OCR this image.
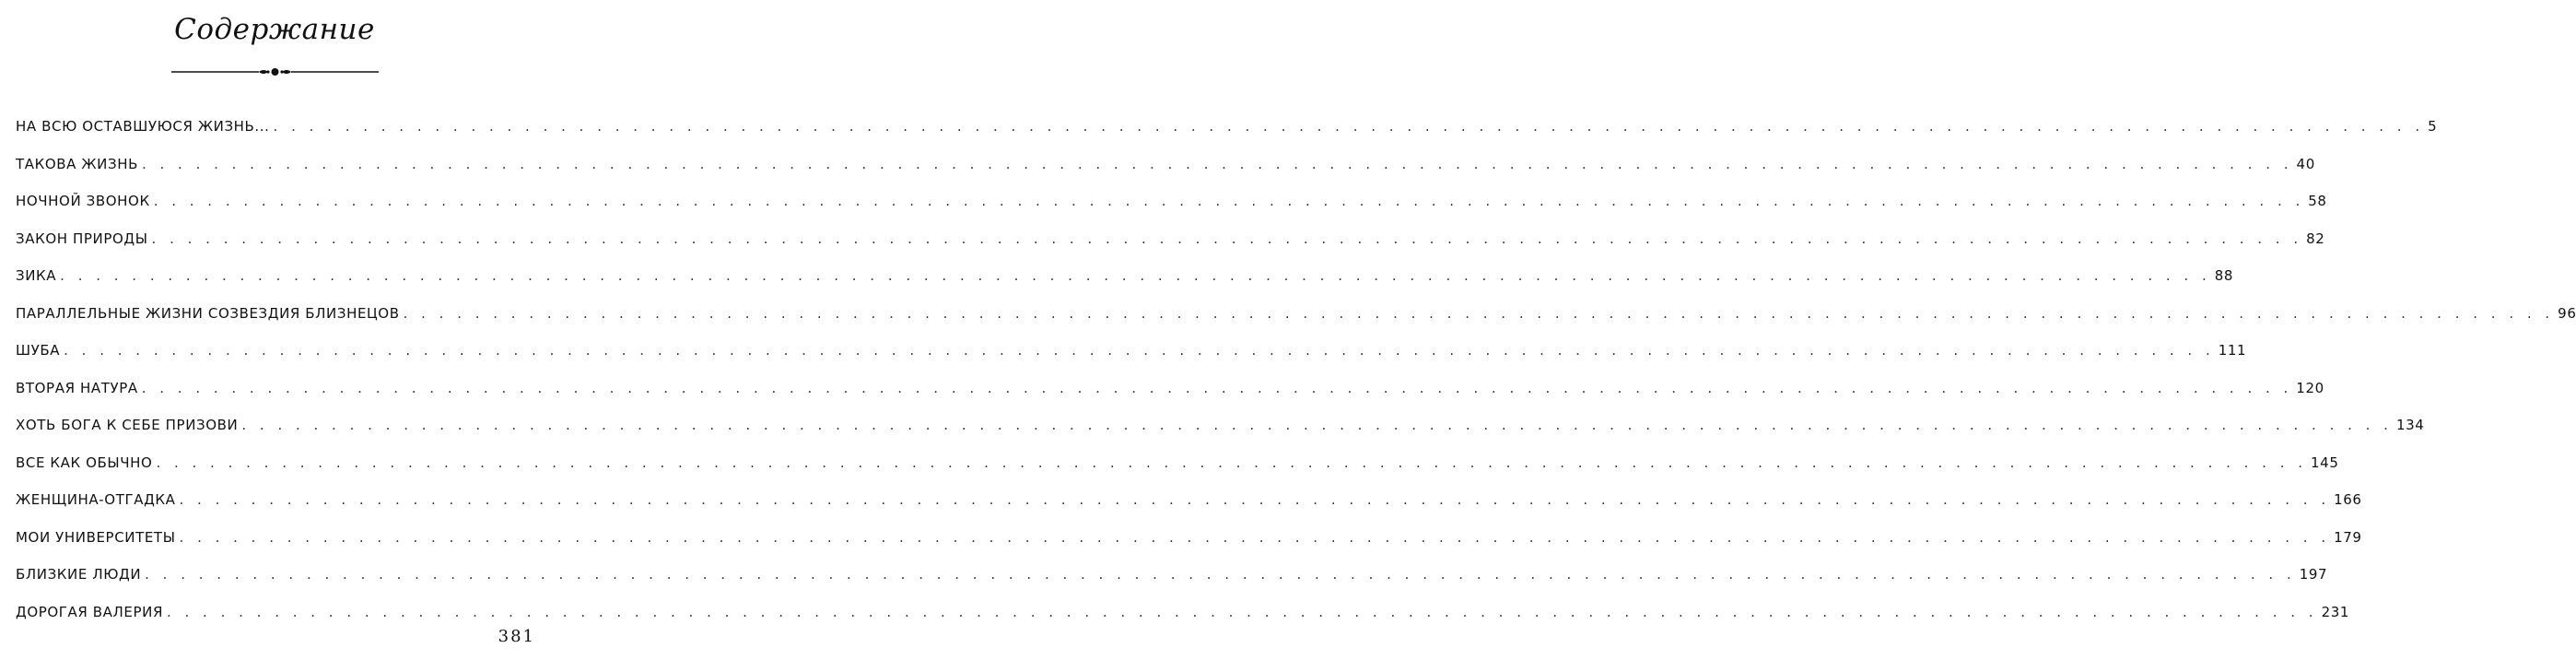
Содержание
НА ВСЮ ОСТАВШУЮСЯ ЖИЗНЬ... . . . . . . . . . . . . . . . . . . . . . . . . . . . . . . . . . . . . . . . . . . . . . . . . . . . . . . . . . . . . . . . . . . . . . . . . . . . . . . . . . . . . . . . . . . . . . . . . . . . . . . . . . . . . . . . . . . . . . . . . 5
ТАКОВА ЖИЗНЬ . . . . . . . . . . . . . . . . . . . . . . . . . . . . . . . . . . . . . . . . . . . . . . . . . . . . . . . . . . . . . . . . . . . . . . . . . . . . . . . . . . . . . . . . . . . . . . . . . . . . . . . . . . . . . . . . . . . . . . . . 40
НОЧНОЙ ЗВОНОК . . . . . . . . . . . . . . . . . . . . . . . . . . . . . . . . . . . . . . . . . . . . . . . . . . . . . . . . . . . . . . . . . . . . . . . . . . . . . . . . . . . . . . . . . . . . . . . . . . . . . . . . . . . . . . . . . . . . . . . . 58
ЗАКОН ПРИРОДЫ . . . . . . . . . . . . . . . . . . . . . . . . . . . . . . . . . . . . . . . . . . . . . . . . . . . . . . . . . . . . . . . . . . . . . . . . . . . . . . . . . . . . . . . . . . . . . . . . . . . . . . . . . . . . . . . . . . . . . . . . 82
ЗИКА . . . . . . . . . . . . . . . . . . . . . . . . . . . . . . . . . . . . . . . . . . . . . . . . . . . . . . . . . . . . . . . . . . . . . . . . . . . . . . . . . . . . . . . . . . . . . . . . . . . . . . . . . . . . . . . . . . . . . . . . 88
ПАРАЛЛЕЛЬНЫЕ ЖИЗНИ СОЗВЕЗДИЯ БЛИЗНЕЦОВ . . . . . . . . . . . . . . . . . . . . . . . . . . . . . . . . . . . . . . . . . . . . . . . . . . . . . . . . . . . . . . . . . . . . . . . . . . . . . . . . . . . . . . . . . . . . . . . . . . . . . . . . . . . . . . . . . . . . . . . . 96
ШУБА . . . . . . . . . . . . . . . . . . . . . . . . . . . . . . . . . . . . . . . . . . . . . . . . . . . . . . . . . . . . . . . . . . . . . . . . . . . . . . . . . . . . . . . . . . . . . . . . . . . . . . . . . . . . . . . . . . . . . . . . 111
ВТОРАЯ НАТУРА . . . . . . . . . . . . . . . . . . . . . . . . . . . . . . . . . . . . . . . . . . . . . . . . . . . . . . . . . . . . . . . . . . . . . . . . . . . . . . . . . . . . . . . . . . . . . . . . . . . . . . . . . . . . . . . . . . . . . . . . 120
ХОТЬ БОГА К СЕБЕ ПРИЗОВИ . . . . . . . . . . . . . . . . . . . . . . . . . . . . . . . . . . . . . . . . . . . . . . . . . . . . . . . . . . . . . . . . . . . . . . . . . . . . . . . . . . . . . . . . . . . . . . . . . . . . . . . . . . . . . . . . . . . . . . . . 134
ВСЕ КАК ОБЫЧНО . . . . . . . . . . . . . . . . . . . . . . . . . . . . . . . . . . . . . . . . . . . . . . . . . . . . . . . . . . . . . . . . . . . . . . . . . . . . . . . . . . . . . . . . . . . . . . . . . . . . . . . . . . . . . . . . . . . . . . . . 145
ЖЕНЩИНА-ОТГАДКА . . . . . . . . . . . . . . . . . . . . . . . . . . . . . . . . . . . . . . . . . . . . . . . . . . . . . . . . . . . . . . . . . . . . . . . . . . . . . . . . . . . . . . . . . . . . . . . . . . . . . . . . . . . . . . . . . . . . . . . . 166
МОИ УНИВЕРСИТЕТЫ . . . . . . . . . . . . . . . . . . . . . . . . . . . . . . . . . . . . . . . . . . . . . . . . . . . . . . . . . . . . . . . . . . . . . . . . . . . . . . . . . . . . . . . . . . . . . . . . . . . . . . . . . . . . . . . . . . . . . . . . 179
БЛИЗКИЕ ЛЮДИ . . . . . . . . . . . . . . . . . . . . . . . . . . . . . . . . . . . . . . . . . . . . . . . . . . . . . . . . . . . . . . . . . . . . . . . . . . . . . . . . . . . . . . . . . . . . . . . . . . . . . . . . . . . . . . . . . . . . . . . . 197
ДОРОГАЯ ВАЛЕРИЯ . . . . . . . . . . . . . . . . . . . . . . . . . . . . . . . . . . . . . . . . . . . . . . . . . . . . . . . . . . . . . . . . . . . . . . . . . . . . . . . . . . . . . . . . . . . . . . . . . . . . . . . . . . . . . . . . . . . . . . . . 231
381
